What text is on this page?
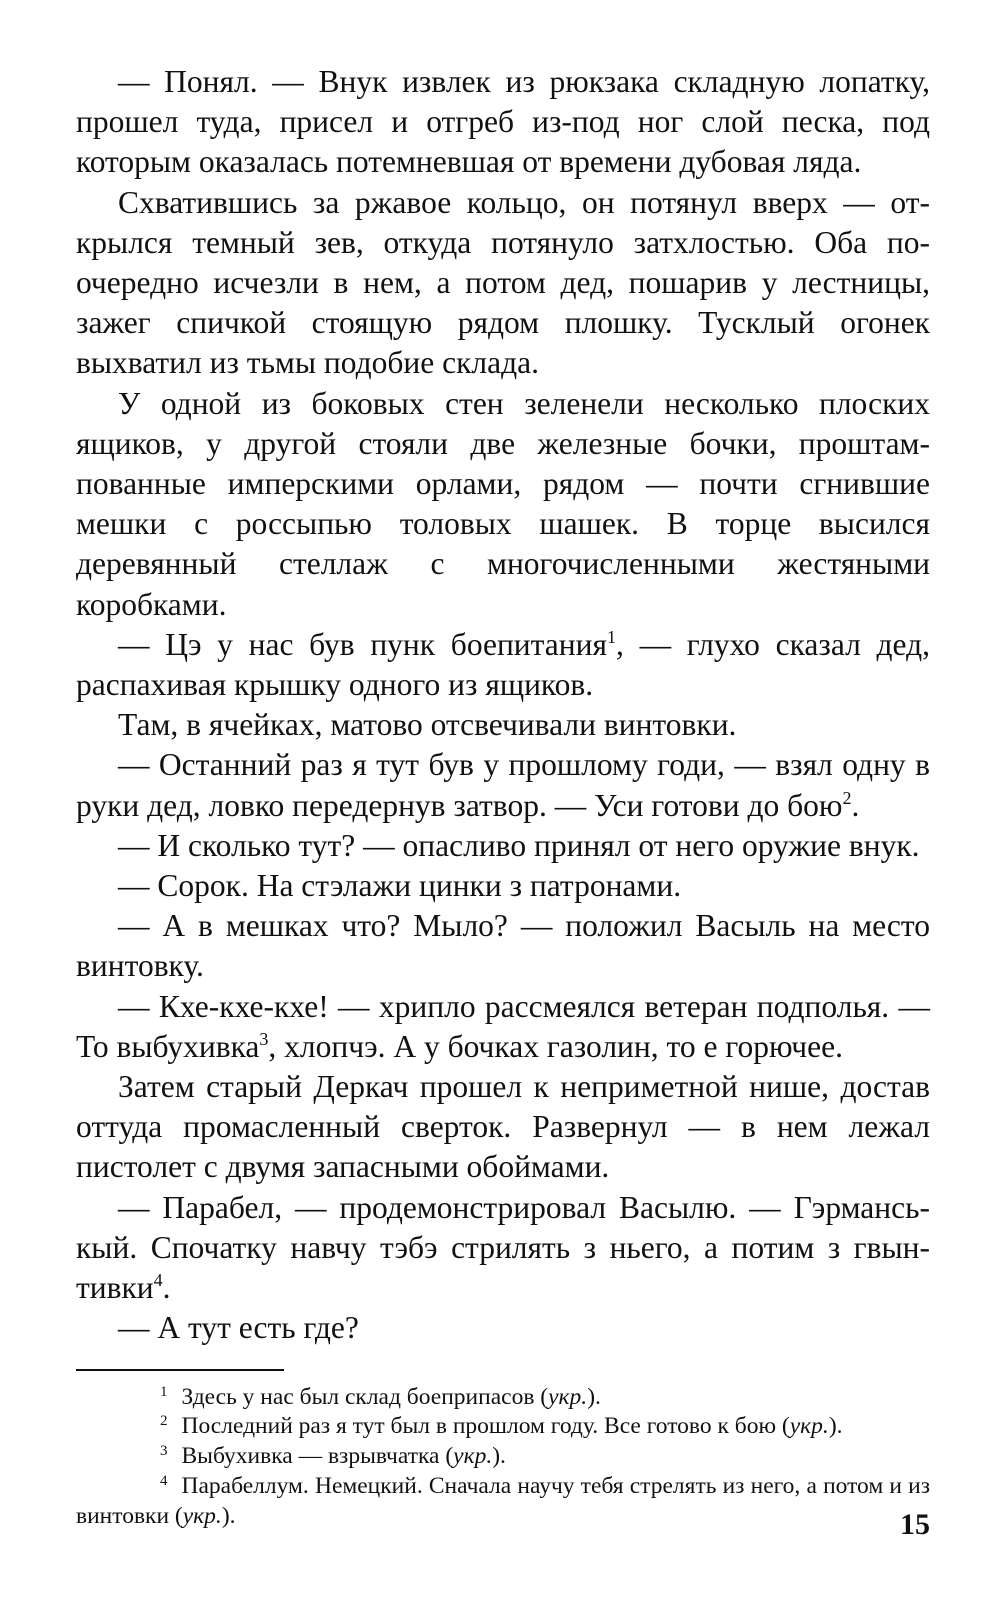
— Понял. — Внук извлек из рюкзака складную лопатку, прошел туда, присел и отгреб из-под ног слой песка, под которым оказалась потемневшая от времени дубовая ляда.

Схватившись за ржавое кольцо, он потянул вверх — открылся темный зев, откуда потянуло затхлостью. Оба поочередно исчезли в нем, а потом дед, пошарив у лестницы, зажег спичкой стоящую рядом плошку. Тусклый огонек выхватил из тьмы подобие склада.

У одной из боковых стен зеленели несколько плоских ящиков, у другой стояли две железные бочки, проштампованные имперскими орлами, рядом — почти сгнившие мешки с россыпью толовых шашек. В торце высился деревянный стеллаж с многочисленными жестяными коробками.

— Цэ у нас був пунк боепитания$^1$, — глухо сказал дед, распахивая крышку одного из ящиков.

Там, в ячейках, матово отсвечивали винтовки.

— Останний раз я тут був у прошлому годи, — взял одну в руки дед, ловко передернув затвор. — Уси готови до бою$^2$.

— И сколько тут? — опасливо принял от него оружие внук.

— Сорок. На стэлажи цинки з патронами.

— А в мешках что? Мыло? — положил Васыль на место винтовку.

— Кхе-кхе-кхе! — хрипло рассмеялся ветеран подполья. — То выбухивка$^3$, хлопчэ. А у бочках газолин, то е горючее.

Затем старый Деркач прошел к неприметной нише, достав оттуда промасленный сверток. Развернул — в нем лежал пистолет с двумя запасными обоймами.

— Парабел, — продемонстрировал Васылю. — Гэрманськый. Спочатку навчу тэбэ стрилять з ньего, а потим з гвынтивки$^4$.

— А тут есть где?

1 Здесь у нас был склад боеприпасов (укр.).

2 Последний раз я тут был в прошлом году. Все готово к бою (укр.).

3 Выбухивка — взрывчатка (укр.).

4 Парабеллум. Немецкий. Сначала научу тебя стрелять из него, а потом и из винтовки (укр.).	15
